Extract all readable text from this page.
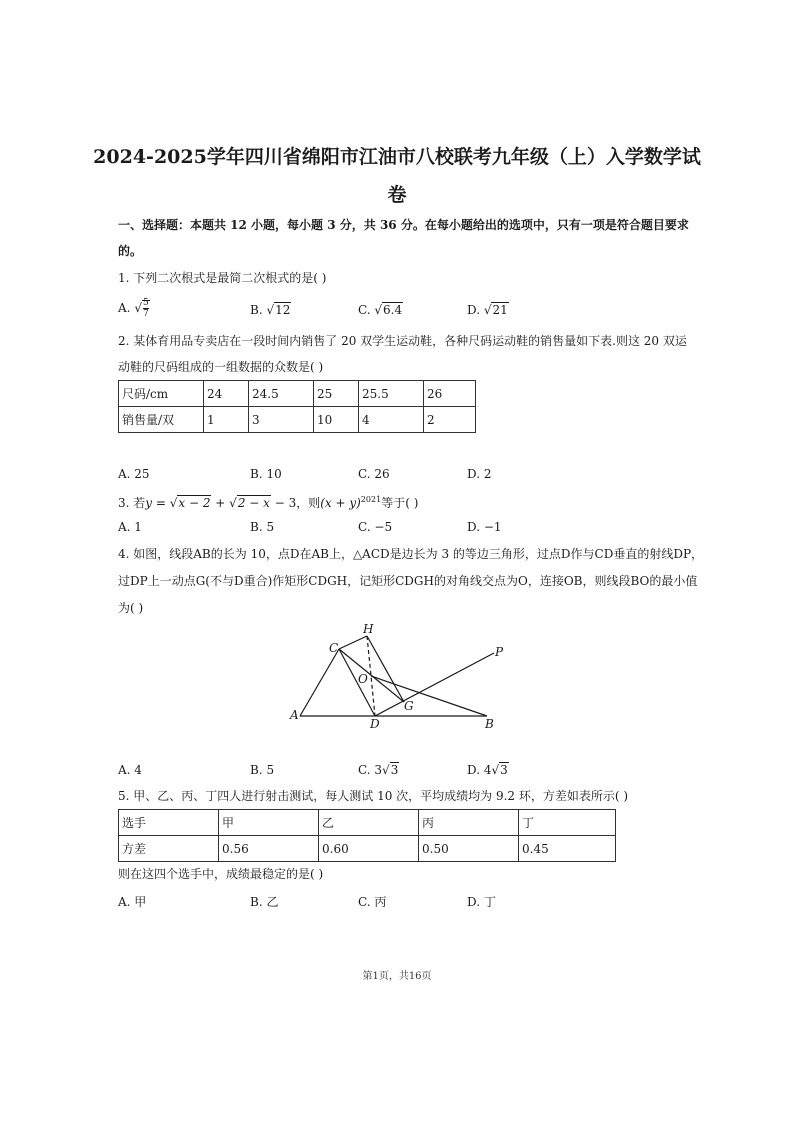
2024-2025学年四川省绵阳市江油市八校联考九年级（上）入学数学试
卷
一、选择题：本题共 12 小题，每小题 3 分，共 36 分。在每小题给出的选项中，只有一项是符合题目要求
的。
1. 下列二次根式是最简二次根式的是( )
A. √ $\frac{5}{7}$	B. √12	C. √6.4	D. √21
2. 某体育用品专卖店在一段时间内销售了 20 双学生运动鞋，各种尺码运动鞋的销售量如下表.则这 20 双运
动鞋的尺码组成的一组数据的众数是( )
尺码/cm	24	24.5	25	25.5	26
销售量/双	1	3	10	4	2
A. 25	B. 10	C. 26	D. 2
3. 若y = √x − 2 + √2 − x − 3，则$(x + y)^{2021}$等于( )
A. 1	B. 5	C. −5	D. −1
4. 如图，线段AB的长为 10，点D在AB上，△ACD是边长为 3 的等边三角形，过点D作与CD垂直的射线DP，
过DP上一动点G(不与D重合)作矩形CDGH，记矩形CDGH的对角线交点为O，连接OB，则线段BO的最小值
为( )
H
C
O
P
G
A
D	B
A. 4	B. 5	C. 3√3	D. 4√3
5. 甲、乙、丙、丁四人进行射击测试，每人测试 10 次，平均成绩均为 9.2 环，方差如表所示( )
选手	甲	乙	丙	丁
方差	0.56	0.60	0.50	0.45
则在这四个选手中，成绩最稳定的是( )
A. 甲	B. 乙	C. 丙	D. 丁
第1页，共16页
